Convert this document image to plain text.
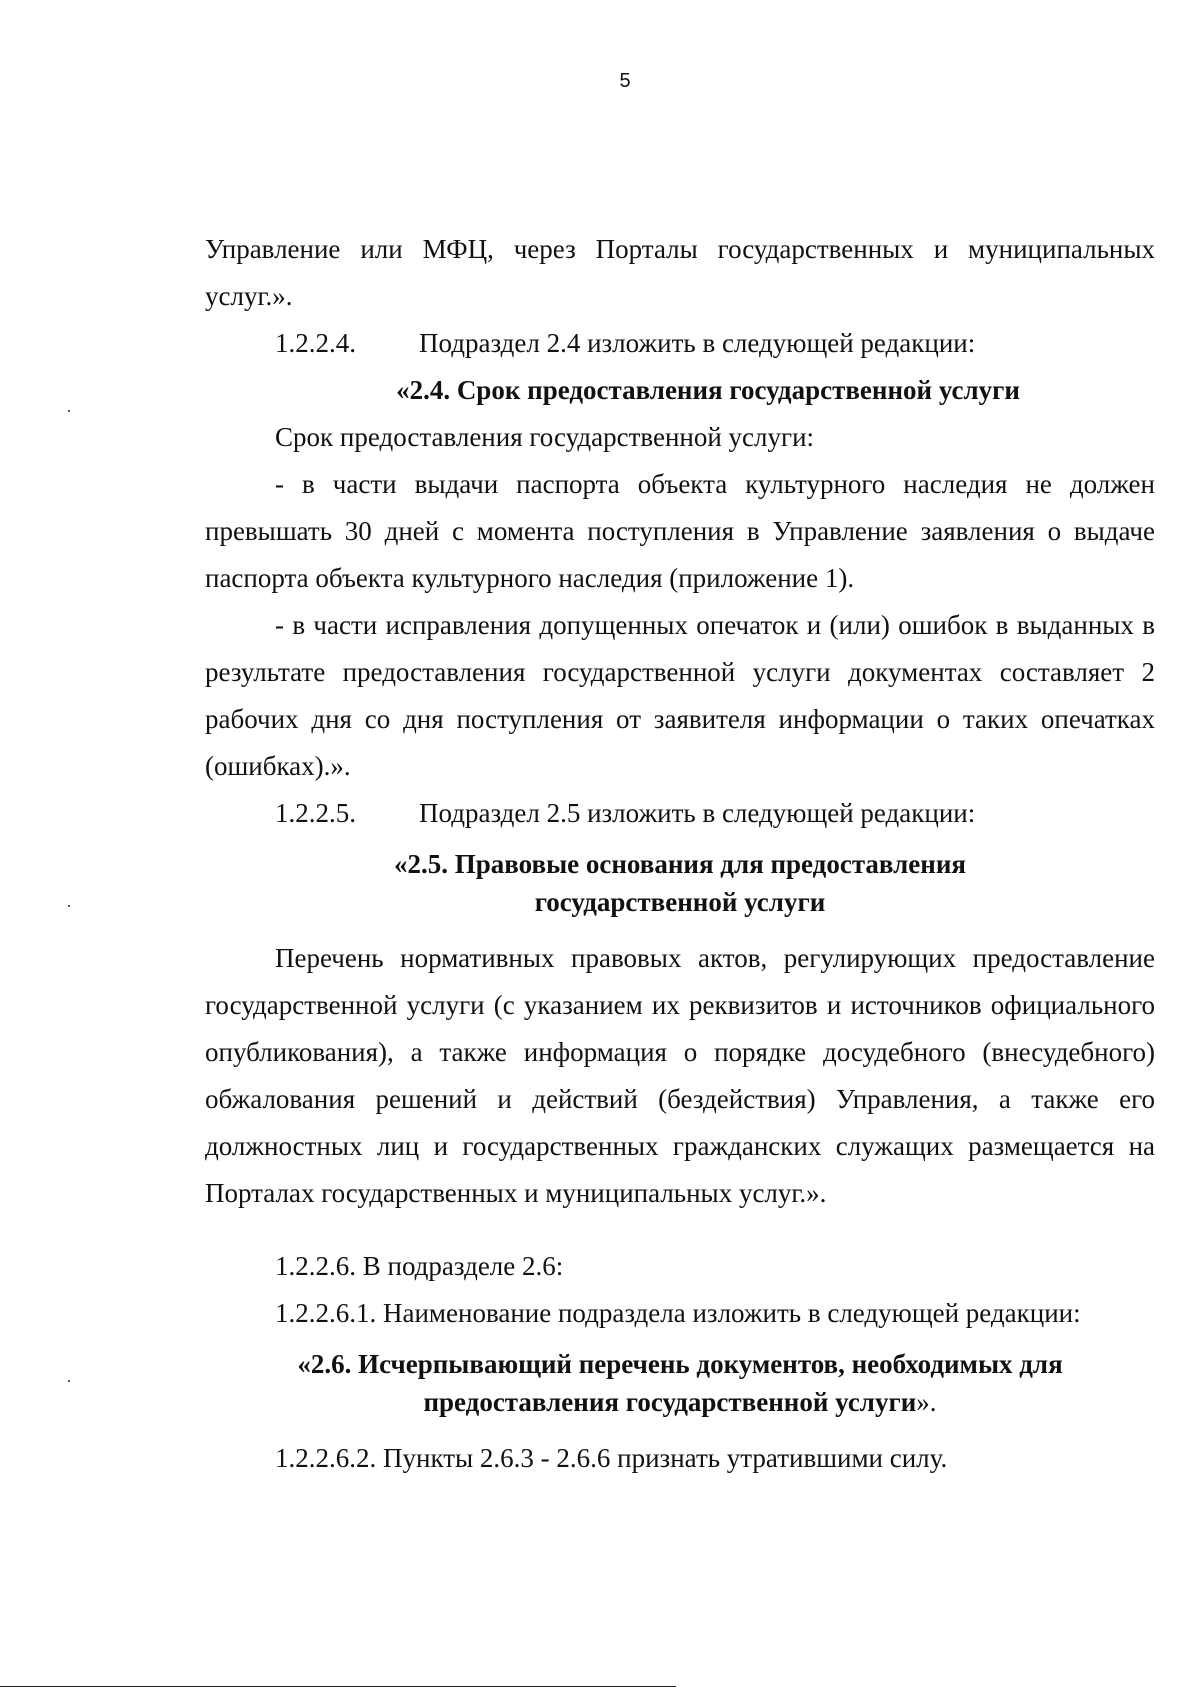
5

Управление или МФЦ, через Порталы государственных и муниципальных услуг.».

1.2.2.4. Подраздел 2.4 изложить в следующей редакции:

«2.4. Срок предоставления государственной услуги

Срок предоставления государственной услуги:

- в части выдачи паспорта объекта культурного наследия не должен превышать 30 дней с момента поступления в Управление заявления о выдаче паспорта объекта культурного наследия (приложение 1).

- в части исправления допущенных опечаток и (или) ошибок в выданных в результате предоставления государственной услуги документах составляет 2 рабочих дня со дня поступления от заявителя информации о таких опечатках (ошибках).».

1.2.2.5. Подраздел 2.5 изложить в следующей редакции:

«2.5. Правовые основания для предоставления
государственной услуги

Перечень нормативных правовых актов, регулирующих предоставление государственной услуги (с указанием их реквизитов и источников официального опубликования), а также информация о порядке досудебного (внесудебного) обжалования решений и действий (бездействия) Управления, а также его должностных лиц и государственных гражданских служащих размещается на Порталах государственных и муниципальных услуг.».

1.2.2.6. В подразделе 2.6:

1.2.2.6.1. Наименование подраздела изложить в следующей редакции:

«2.6. Исчерпывающий перечень документов, необходимых для
предоставления государственной услуги».

1.2.2.6.2. Пункты 2.6.3 - 2.6.6 признать утратившими силу.
